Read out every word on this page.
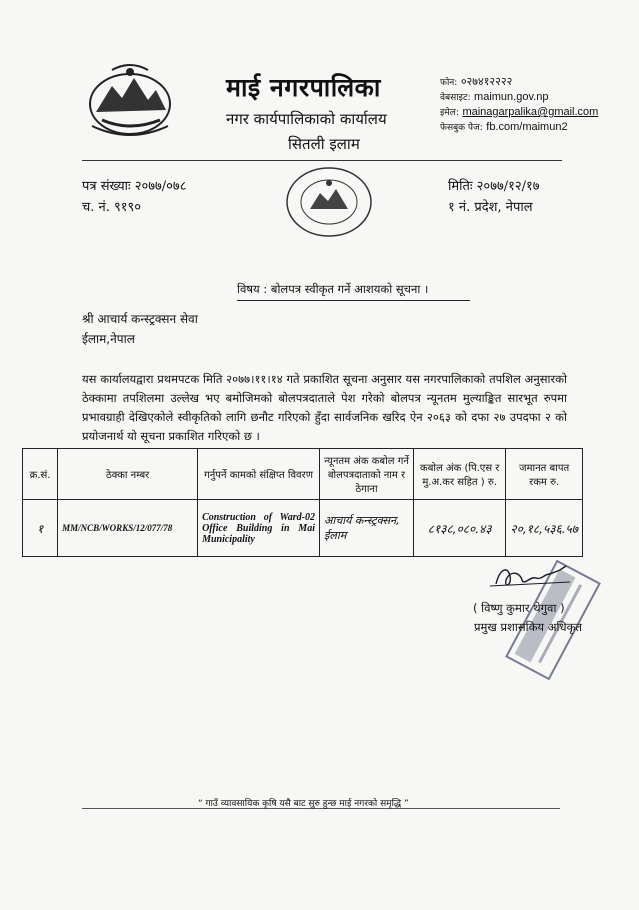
माई नगरपालिका
नगर कार्यपालिकाको कार्यालय
सितली इलाम
फोन: ०२७४१२२२२
वेबसाइट: maimun.gov.np
इमेल: mainagarpalika@gmail.com
फेसबुक पेज: fb.com/maimun2
पत्र संख्याः २०७७/०७८
च. नं. ९१९०
मितिः २०७७/१२/१७
१ नं. प्रदेश, नेपाल
विषय : बोलपत्र स्वीकृत गर्ने आशयको सूचना ।
श्री आचार्य कन्स्ट्रक्सन सेवा
ईलाम,नेपाल
यस कार्यालयद्वारा प्रथमपटक मिति २०७७।११।१४ गते प्रकाशित सूचना अनुसार यस नगरपालिकाको तपशिल अनुसारको ठेक्कामा तपशिलमा उल्लेख भए बमोजिमको बोलपत्रदाताले पेश गरेको बोलपत्र न्यूनतम मुल्याङ्कित सारभूत रुपमा प्रभावग्राही देखिएकोले स्वीकृतिको लागि छनौट गरिएको हुँदा सार्वजनिक खरिद ऐन २०६३ को दफा २७ उपदफा २ को प्रयोजनार्थ यो सूचना प्रकाशित गरिएको छ ।
क्र.सं.	ठेक्का नम्बर	गर्नुपर्ने कामको संक्षिप्त विवरण	न्यूनतम अंक कबोल गर्ने बोलपत्रदाताको नाम र ठेगाना	कबोल अंक (पि.एस र मु.अ.कर सहित ) रु.	जमानत बापत रकम रु.
१	MM/NCB/WORKS/12/077/78	Construction of Ward-02 Office Building in Mai Municipality	आचार्य कन्स्ट्रक्सन, ईलाम	८१३८,०८०.४३	२०,१८,५३६.५७
( विष्णु कुमार थेगुवा )
प्रमुख प्रशासकिय अधिकृत
“ गाउँ व्यावसायिक कृषि यसै बाट सुरु हुन्छ माई नगरको समृद्धि ”
